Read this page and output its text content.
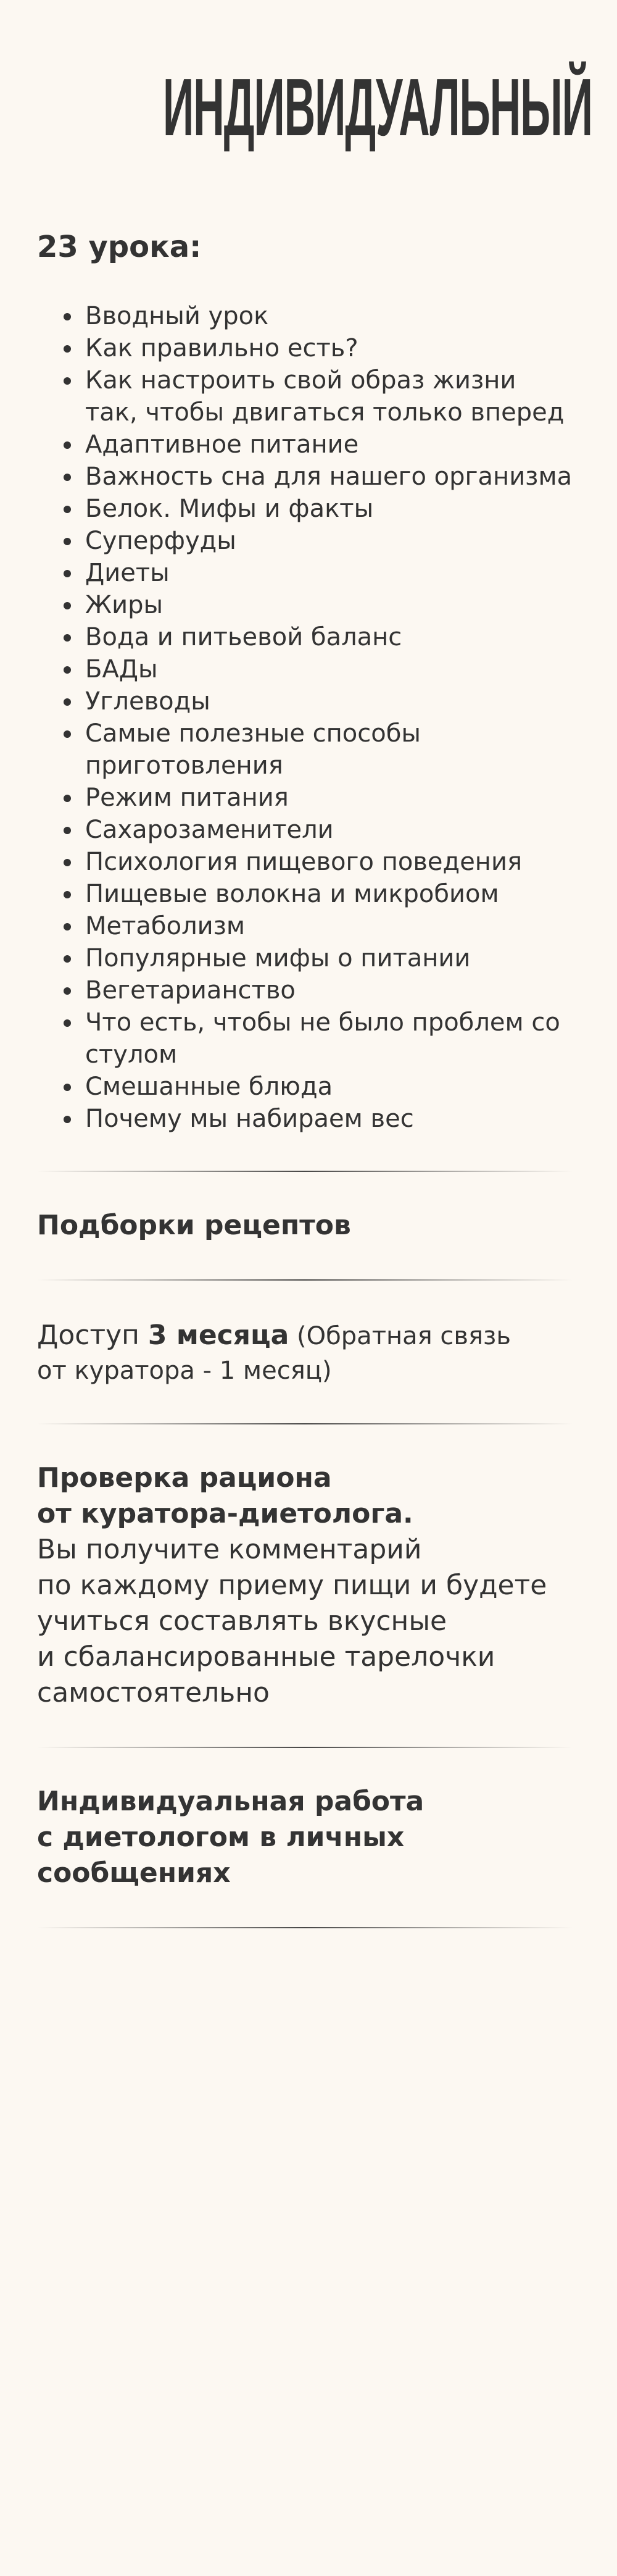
ИНДИВИДУАЛЬНЫЙ
23 урока:
• Вводный урок
• Как правильно есть?
• Как настроить свой образ жизни так, чтобы двигаться только вперед
• Адаптивное питание
• Важность сна для нашего организма
• Белок. Мифы и факты
• Суперфуды
• Диеты
• Жиры
• Вода и питьевой баланс
• БАДы
• Углеводы
• Самые полезные способы приготовления
• Режим питания
• Сахарозаменители
• Психология пищевого поведения
• Пищевые волокна и микробиом
• Метаболизм
• Популярные мифы о питании
• Вегетарианство
• Что есть, чтобы не было проблем со стулом
• Смешанные блюда
• Почему мы набираем вес
Подборки рецептов
Доступ 3 месяца (Обратная связь
от куратора - 1 месяц)
Проверка рациона
от куратора-диетолога.
Вы получите комментарий
по каждому приему пищи и будете
учиться составлять вкусные
и сбалансированные тарелочки
самостоятельно
Индивидуальная работа
с диетологом в личных
сообщениях
